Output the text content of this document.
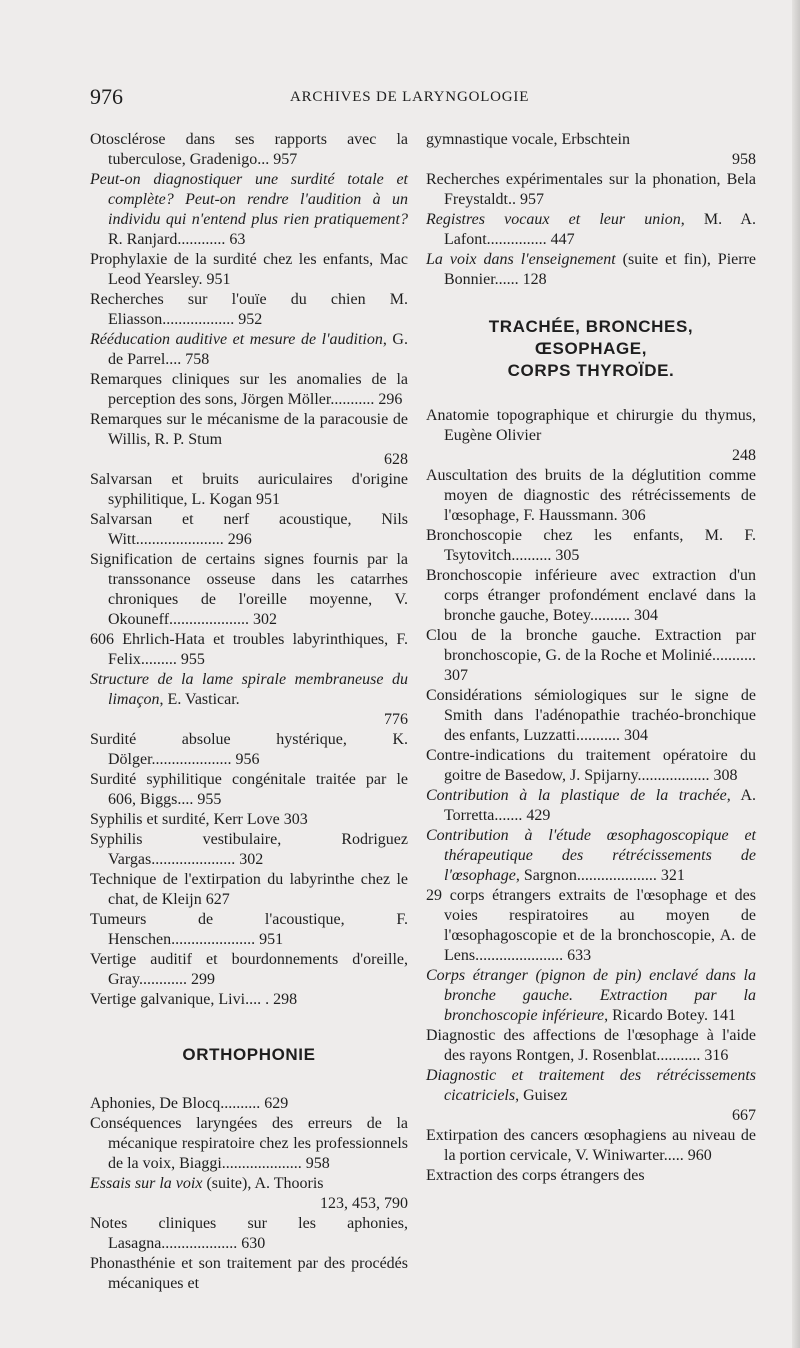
976	ARCHIVES DE LARYNGOLOGIE
Otosclérose dans ses rapports avec la tuberculose, Gradenigo... 957
Peut-on diagnostiquer une surdité totale et complète? Peut-on rendre l'audition à un individu qui n'entend plus rien pratiquement? R. Ranjard............ 63
Prophylaxie de la surdité chez les enfants, Mac Leod Yearsley. 951
Recherches sur l'ouïe du chien M. Eliasson.................. 952
Rééducation auditive et mesure de l'audition, G. de Parrel.... 758
Remarques cliniques sur les anomalies de la perception des sons, Jörgen Möller........... 296
Remarques sur le mécanisme de la paracousie de Willis, R. P. Stum
628
Salvarsan et bruits auriculaires d'origine syphilitique, L. Kogan 951
Salvarsan et nerf acoustique, Nils Witt...................... 296
Signification de certains signes fournis par la transsonance osseuse dans les catarrhes chroniques de l'oreille moyenne, V. Okouneff.................... 302
606 Ehrlich-Hata et troubles labyrinthiques, F. Felix......... 955
Structure de la lame spirale membraneuse du limaçon, E. Vasticar.
776
Surdité absolue hystérique, K. Dölger.................... 956
Surdité syphilitique congénitale traitée par le 606, Biggs.... 955
Syphilis et surdité, Kerr Love 303
Syphilis vestibulaire, Rodriguez Vargas..................... 302
Technique de l'extirpation du labyrinthe chez le chat, de Kleijn 627
Tumeurs de l'acoustique, F. Henschen..................... 951
Vertige auditif et bourdonnements d'oreille, Gray............ 299
Vertige galvanique, Livi.... . 298
ORTHOPHONIE
Aphonies, De Blocq.......... 629
Conséquences laryngées des erreurs de la mécanique respiratoire chez les professionnels de la voix, Biaggi.................... 958
Essais sur la voix (suite), A. Thooris
123, 453, 790
Notes cliniques sur les aphonies, Lasagna................... 630
Phonasthénie et son traitement par des procédés mécaniques et
gymnastique vocale, Erbschtein
958
Recherches expérimentales sur la phonation, Bela Freystaldt.. 957
Registres vocaux et leur union, M. A. Lafont............... 447
La voix dans l'enseignement (suite et fin), Pierre Bonnier...... 128
TRACHÉE, BRONCHES,
ŒSOPHAGE,
CORPS THYROÏDE.
Anatomie topographique et chirurgie du thymus, Eugène Olivier
248
Auscultation des bruits de la déglutition comme moyen de diagnostic des rétrécissements de l'œsophage, F. Haussmann. 306
Bronchoscopie chez les enfants, M. F. Tsytovitch.......... 305
Bronchoscopie inférieure avec extraction d'un corps étranger profondément enclavé dans la bronche gauche, Botey.......... 304
Clou de la bronche gauche. Extraction par bronchoscopie, G. de la Roche et Molinié........... 307
Considérations sémiologiques sur le signe de Smith dans l'adénopathie trachéo-bronchique des enfants, Luzzatti........... 304
Contre-indications du traitement opératoire du goitre de Basedow, J. Spijarny.................. 308
Contribution à la plastique de la trachée, A. Torretta....... 429
Contribution à l'étude œsophagoscopique et thérapeutique des rétrécissements de l'œsophage, Sargnon.................... 321
29 corps étrangers extraits de l'œsophage et des voies respiratoires au moyen de l'œsophagoscopie et de la bronchoscopie, A. de Lens...................... 633
Corps étranger (pignon de pin) enclavé dans la bronche gauche. Extraction par la bronchoscopie inférieure, Ricardo Botey. 141
Diagnostic des affections de l'œsophage à l'aide des rayons Rontgen, J. Rosenblat........... 316
Diagnostic et traitement des rétrécissements cicatriciels, Guisez
667
Extirpation des cancers œsophagiens au niveau de la portion cervicale, V. Winiwarter..... 960
Extraction des corps étrangers des
